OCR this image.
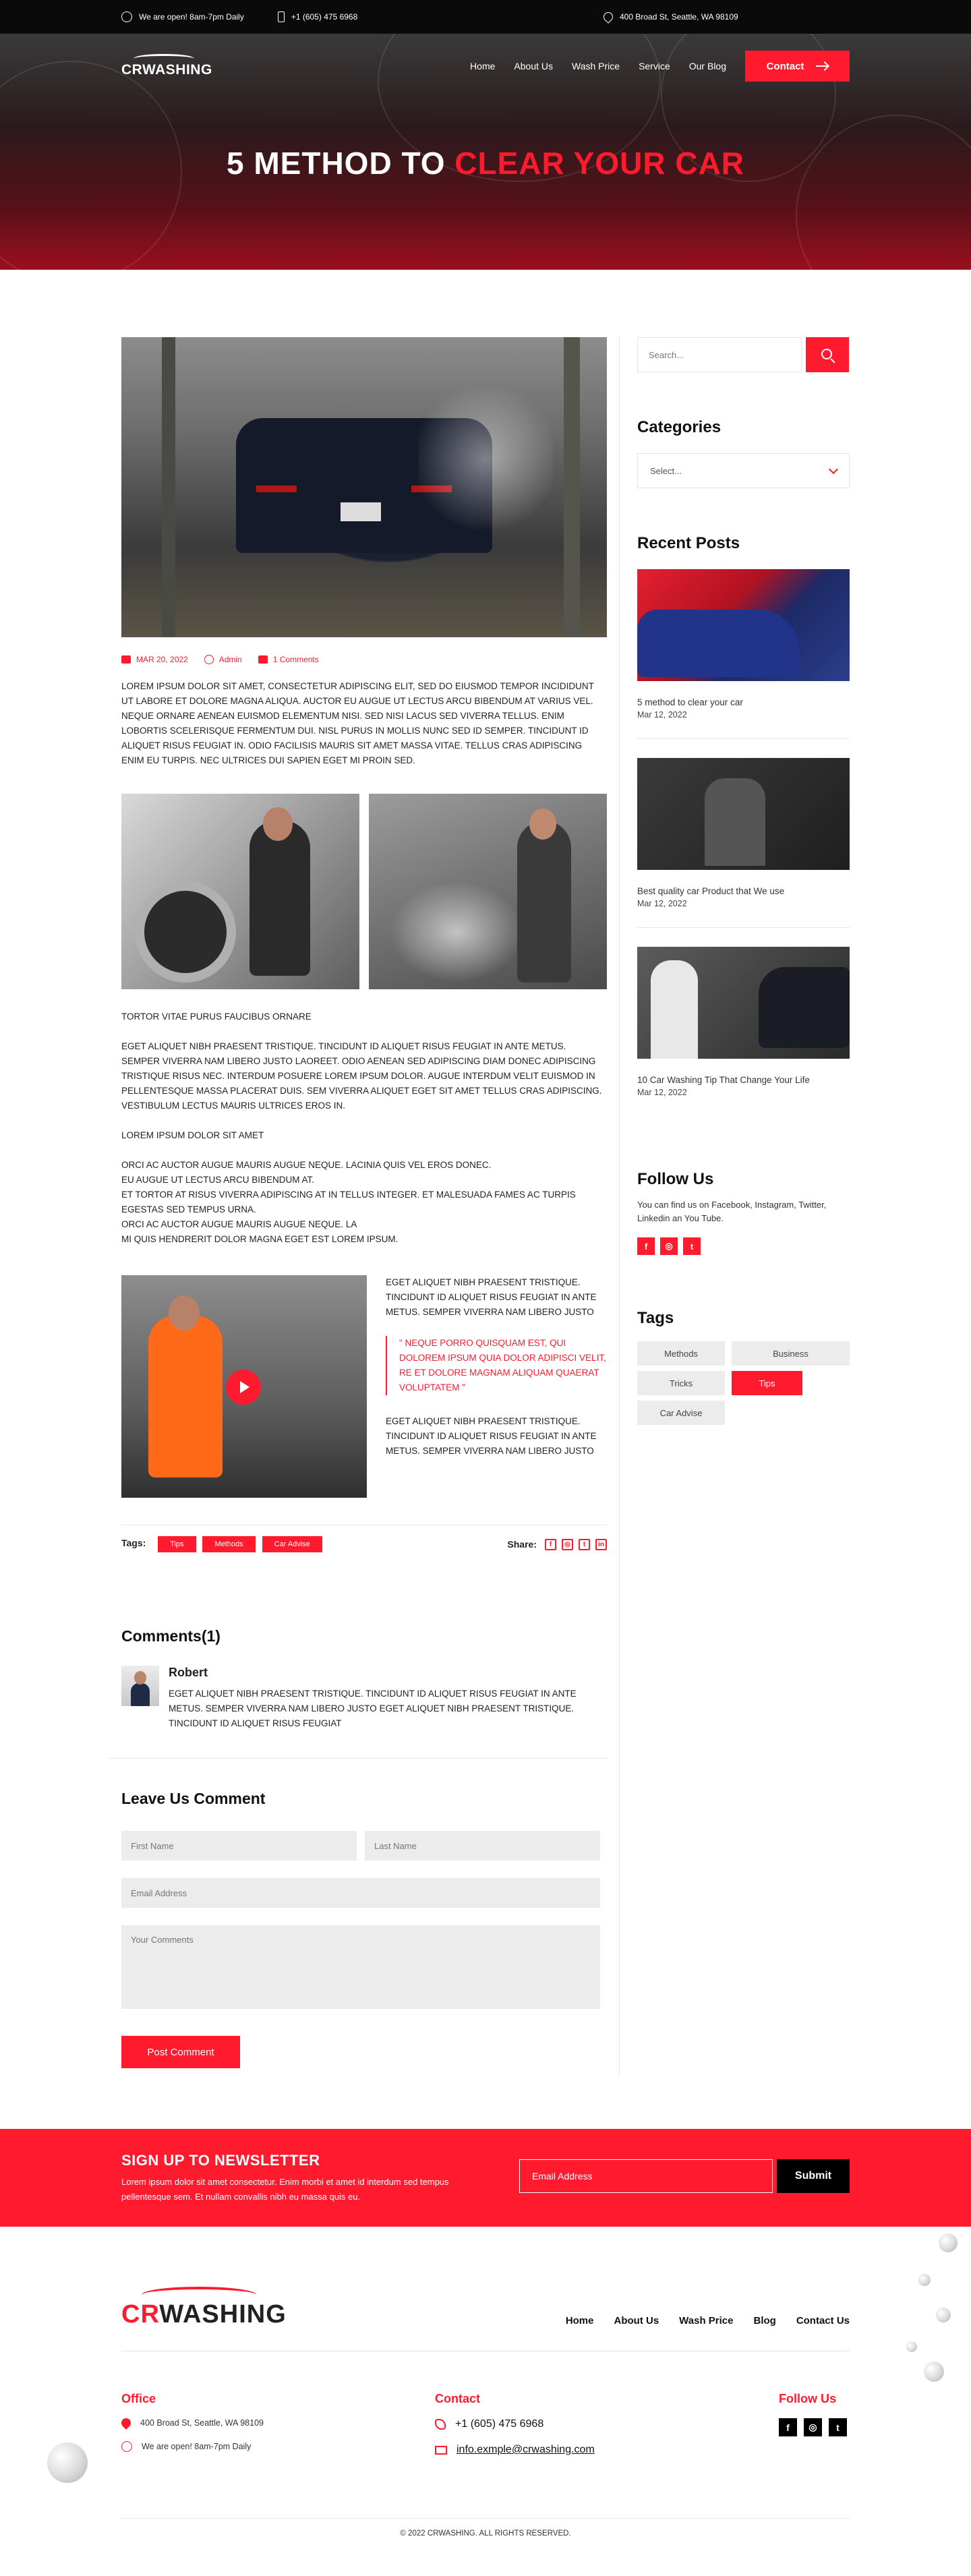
We are open! 8am-7pm Daily	+1 (605) 475 6968	400 Broad St, Seattle, WA 98109
CRWASHING	Home About Us Wash Price Service Our Blog	Contact
5 METHOD TO CLEAR YOUR CAR
MAR 20, 2022	Admin	1 Comments

LOREM IPSUM DOLOR SIT AMET, CONSECTETUR ADIPISCING ELIT, SED DO EIUSMOD TEMPOR INCIDIDUNT UT LABORE ET DOLORE MAGNA ALIQUA. AUCTOR EU AUGUE UT LECTUS ARCU BIBENDUM AT VARIUS VEL. NEQUE ORNARE AENEAN EUISMOD ELEMENTUM NISI. SED NISI LACUS SED VIVERRA TELLUS. ENIM LOBORTIS SCELERISQUE FERMENTUM DUI. NISL PURUS IN MOLLIS NUNC SED ID SEMPER. TINCIDUNT ID ALIQUET RISUS FEUGIAT IN. ODIO FACILISIS MAURIS SIT AMET MASSA VITAE. TELLUS CRAS ADIPISCING ENIM EU TURPIS. NEC ULTRICES DUI SAPIEN EGET MI PROIN SED.

TORTOR VITAE PURUS FAUCIBUS ORNARE

EGET ALIQUET NIBH PRAESENT TRISTIQUE. TINCIDUNT ID ALIQUET RISUS FEUGIAT IN ANTE METUS. SEMPER VIVERRA NAM LIBERO JUSTO LAOREET. ODIO AENEAN SED ADIPISCING DIAM DONEC ADIPISCING TRISTIQUE RISUS NEC. INTERDUM POSUERE LOREM IPSUM DOLOR. AUGUE INTERDUM VELIT EUISMOD IN PELLENTESQUE MASSA PLACERAT DUIS. SEM VIVERRA ALIQUET EGET SIT AMET TELLUS CRAS ADIPISCING. VESTIBULUM LECTUS MAURIS ULTRICES EROS IN.

LOREM IPSUM DOLOR SIT AMET

ORCI AC AUCTOR AUGUE MAURIS AUGUE NEQUE. LACINIA QUIS VEL EROS DONEC.
EU AUGUE UT LECTUS ARCU BIBENDUM AT.
ET TORTOR AT RISUS VIVERRA ADIPISCING AT IN TELLUS INTEGER. ET MALESUADA FAMES AC TURPIS EGESTAS SED TEMPUS URNA.
ORCI AC AUCTOR AUGUE MAURIS AUGUE NEQUE. LA
MI QUIS HENDRERIT DOLOR MAGNA EGET EST LOREM IPSUM.

EGET ALIQUET NIBH PRAESENT TRISTIQUE. TINCIDUNT ID ALIQUET RISUS FEUGIAT IN ANTE METUS. SEMPER VIVERRA NAM LIBERO JUSTO

" NEQUE PORRO QUISQUAM EST, QUI DOLOREM IPSUM QUIA DOLOR ADIPISCI VELIT, RE ET DOLORE MAGNAM ALIQUAM QUAERAT VOLUPTATEM "

EGET ALIQUET NIBH PRAESENT TRISTIQUE. TINCIDUNT ID ALIQUET RISUS FEUGIAT IN ANTE METUS. SEMPER VIVERRA NAM LIBERO JUSTO

Tags:	Tips	Methods	Car Advise	Share:	f	◎	t	in
Comments(1)
Robert

EGET ALIQUET NIBH PRAESENT TRISTIQUE. TINCIDUNT ID ALIQUET RISUS FEUGIAT IN ANTE METUS. SEMPER VIVERRA NAM LIBERO JUSTO EGET ALIQUET NIBH PRAESENT TRISTIQUE. TINCIDUNT ID ALIQUET RISUS FEUGIAT

Leave Us Comment
First Name
Last Name
Email Address
Your Comments
Post Comment
Search...
Categories
Select...
Recent Posts
5 method to clear your car
Mar 12, 2022
Best quality car Product that We use
Mar 12, 2022
10 Car Washing Tip That Change Your Life
Mar 12, 2022
Follow Us

You can find us on Facebook, Instagram, Twitter, Linkedin an You Tube.

f	◎	t
Tags
Methods	Business
Tricks	Tips
Car Advise
SIGN UP TO NEWSLETTER

Lorem ipsum dolor sit amet consectetur. Enim morbi et amet id interdum sed tempus pellentesque sem. Et nullam convallis nibh eu massa quis eu.

Email Address
Submit
CRWASHING	Home About Us Wash Price Blog Contact Us
Office
400 Broad St, Seattle, WA 98109
We are open! 8am-7pm Daily
Contact
+1 (605) 475 6968
info.exmple@crwashing.com
Follow Us
f	◎	t
© 2022 CRWASHING. ALL RIGHTS RESERVED.
